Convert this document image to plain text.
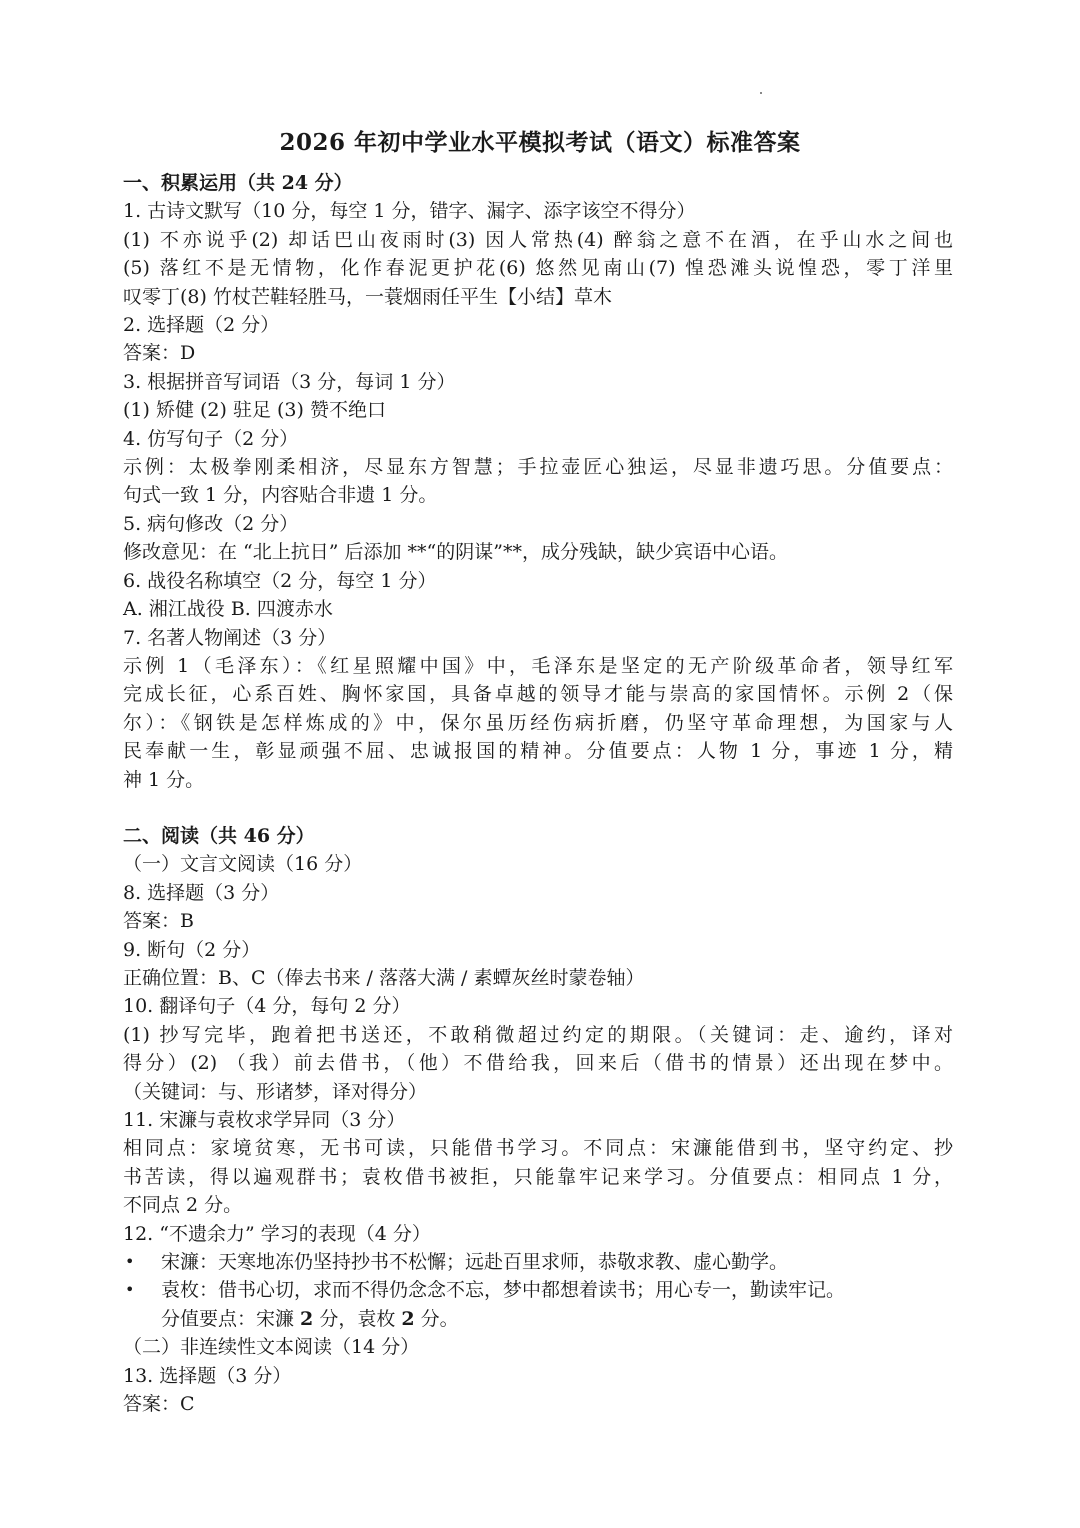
2026 年初中学业水平模拟考试（语文）标准答案
一、积累运用（共 24 分）
1. 古诗文默写（10 分，每空 1 分，错字、漏字、添字该空不得分）
(1) 不亦说乎(2) 却话巴山夜雨时(3) 因人常热(4) 醉翁之意不在酒，在乎山水之间也
(5) 落红不是无情物，化作春泥更护花(6) 悠然见南山(7) 惶恐滩头说惶恐，零丁洋里
叹零丁(8) 竹杖芒鞋轻胜马，一蓑烟雨任平生【小结】草木
2. 选择题（2 分）
答案：D
3. 根据拼音写词语（3 分，每词 1 分）
(1) 矫健 (2) 驻足 (3) 赞不绝口
4. 仿写句子（2 分）
示例：太极拳刚柔相济，尽显东方智慧；手拉壶匠心独运，尽显非遗巧思。分值要点：
句式一致 1 分，内容贴合非遗 1 分。
5. 病句修改（2 分）
修改意见：在 “北上抗日” 后添加 **“的阴谋”**，成分残缺，缺少宾语中心语。
6. 战役名称填空（2 分，每空 1 分）
A. 湘江战役 B. 四渡赤水
7. 名著人物阐述（3 分）
示例 1（毛泽东）：《红星照耀中国》中，毛泽东是坚定的无产阶级革命者，领导红军
完成长征，心系百姓、胸怀家国，具备卓越的领导才能与崇高的家国情怀。示例 2（保
尔）：《钢铁是怎样炼成的》中，保尔虽历经伤病折磨，仍坚守革命理想，为国家与人
民奉献一生，彰显顽强不屈、忠诚报国的精神。分值要点：人物 1 分，事迹 1 分，精
神 1 分。
二、阅读（共 46 分）
（一）文言文阅读（16 分）
8. 选择题（3 分）
答案：B
9. 断句（2 分）
正确位置：B、C（俸去书来 / 落落大满 / 素蟫灰丝时蒙卷轴）
10. 翻译句子（4 分，每句 2 分）
(1) 抄写完毕，跑着把书送还，不敢稍微超过约定的期限。（关键词：走、逾约，译对
得分）(2) （我）前去借书，（他）不借给我，回来后（借书的情景）还出现在梦中。
（关键词：与、形诸梦，译对得分）
11. 宋濂与袁枚求学异同（3 分）
相同点：家境贫寒，无书可读，只能借书学习。不同点：宋濂能借到书，坚守约定、抄
书苦读，得以遍观群书；袁枚借书被拒，只能靠牢记来学习。分值要点：相同点 1 分，
不同点 2 分。
12. “不遗余力” 学习的表现（4 分）
•	宋濂：天寒地冻仍坚持抄书不松懈；远赴百里求师，恭敬求教、虚心勤学。
•	袁枚：借书心切，求而不得仍念念不忘，梦中都想着读书；用心专一，勤读牢记。
分值要点：宋濂 2 分，袁枚 2 分。
（二）非连续性文本阅读（14 分）
13. 选择题（3 分）
答案：C
